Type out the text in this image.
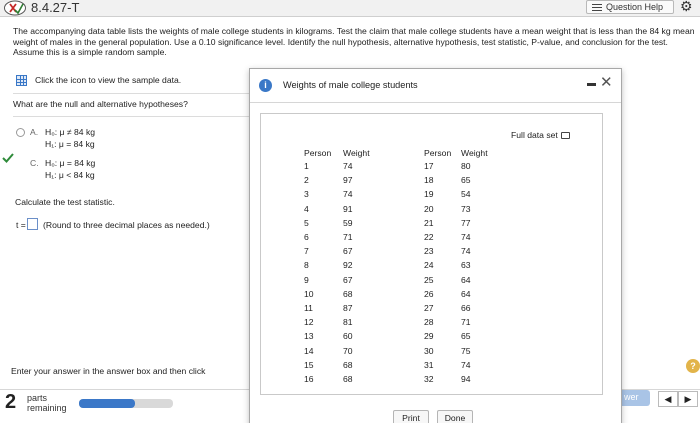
8.4.27-T	Question Help ⚙
The accompanying data table lists the weights of male college students in kilograms. Test the claim that male college students have a mean weight that is less than the 84 kg mean weight of males in the general population. Use a 0.10 significance level. Identify the null hypothesis, alternative hypothesis, test statistic, P-value, and conclusion for the test. Assume this is a simple random sample.
Click the icon to view the sample data.
What are the null and alternative hypotheses?
A. H₀: μ ≠ 84 kg
H₁: μ = 84 kg
C. H₀: μ = 84 kg
H₁: μ < 84 kg
Calculate the test statistic.
t = (Round to three decimal places as needed.)
Enter your answer in the answer box and then click	?
2 parts
remaining
wer	◀	▶
i	Weights of male college students	✕
Full data set
Person Weight	Person Weight
1	74
2	97
3	74
4	91
5	59
6	71
7	67
8	92
9	67
10	68
11	87
12	81
13	60
14	70
15	68
16	68
17	80
18	65
19	54
20	73
21	77
22	74
23	74
24	63
25	64
26	64
27	66
28	71
29	65
30	75
31	74
32	94
Print	Done
